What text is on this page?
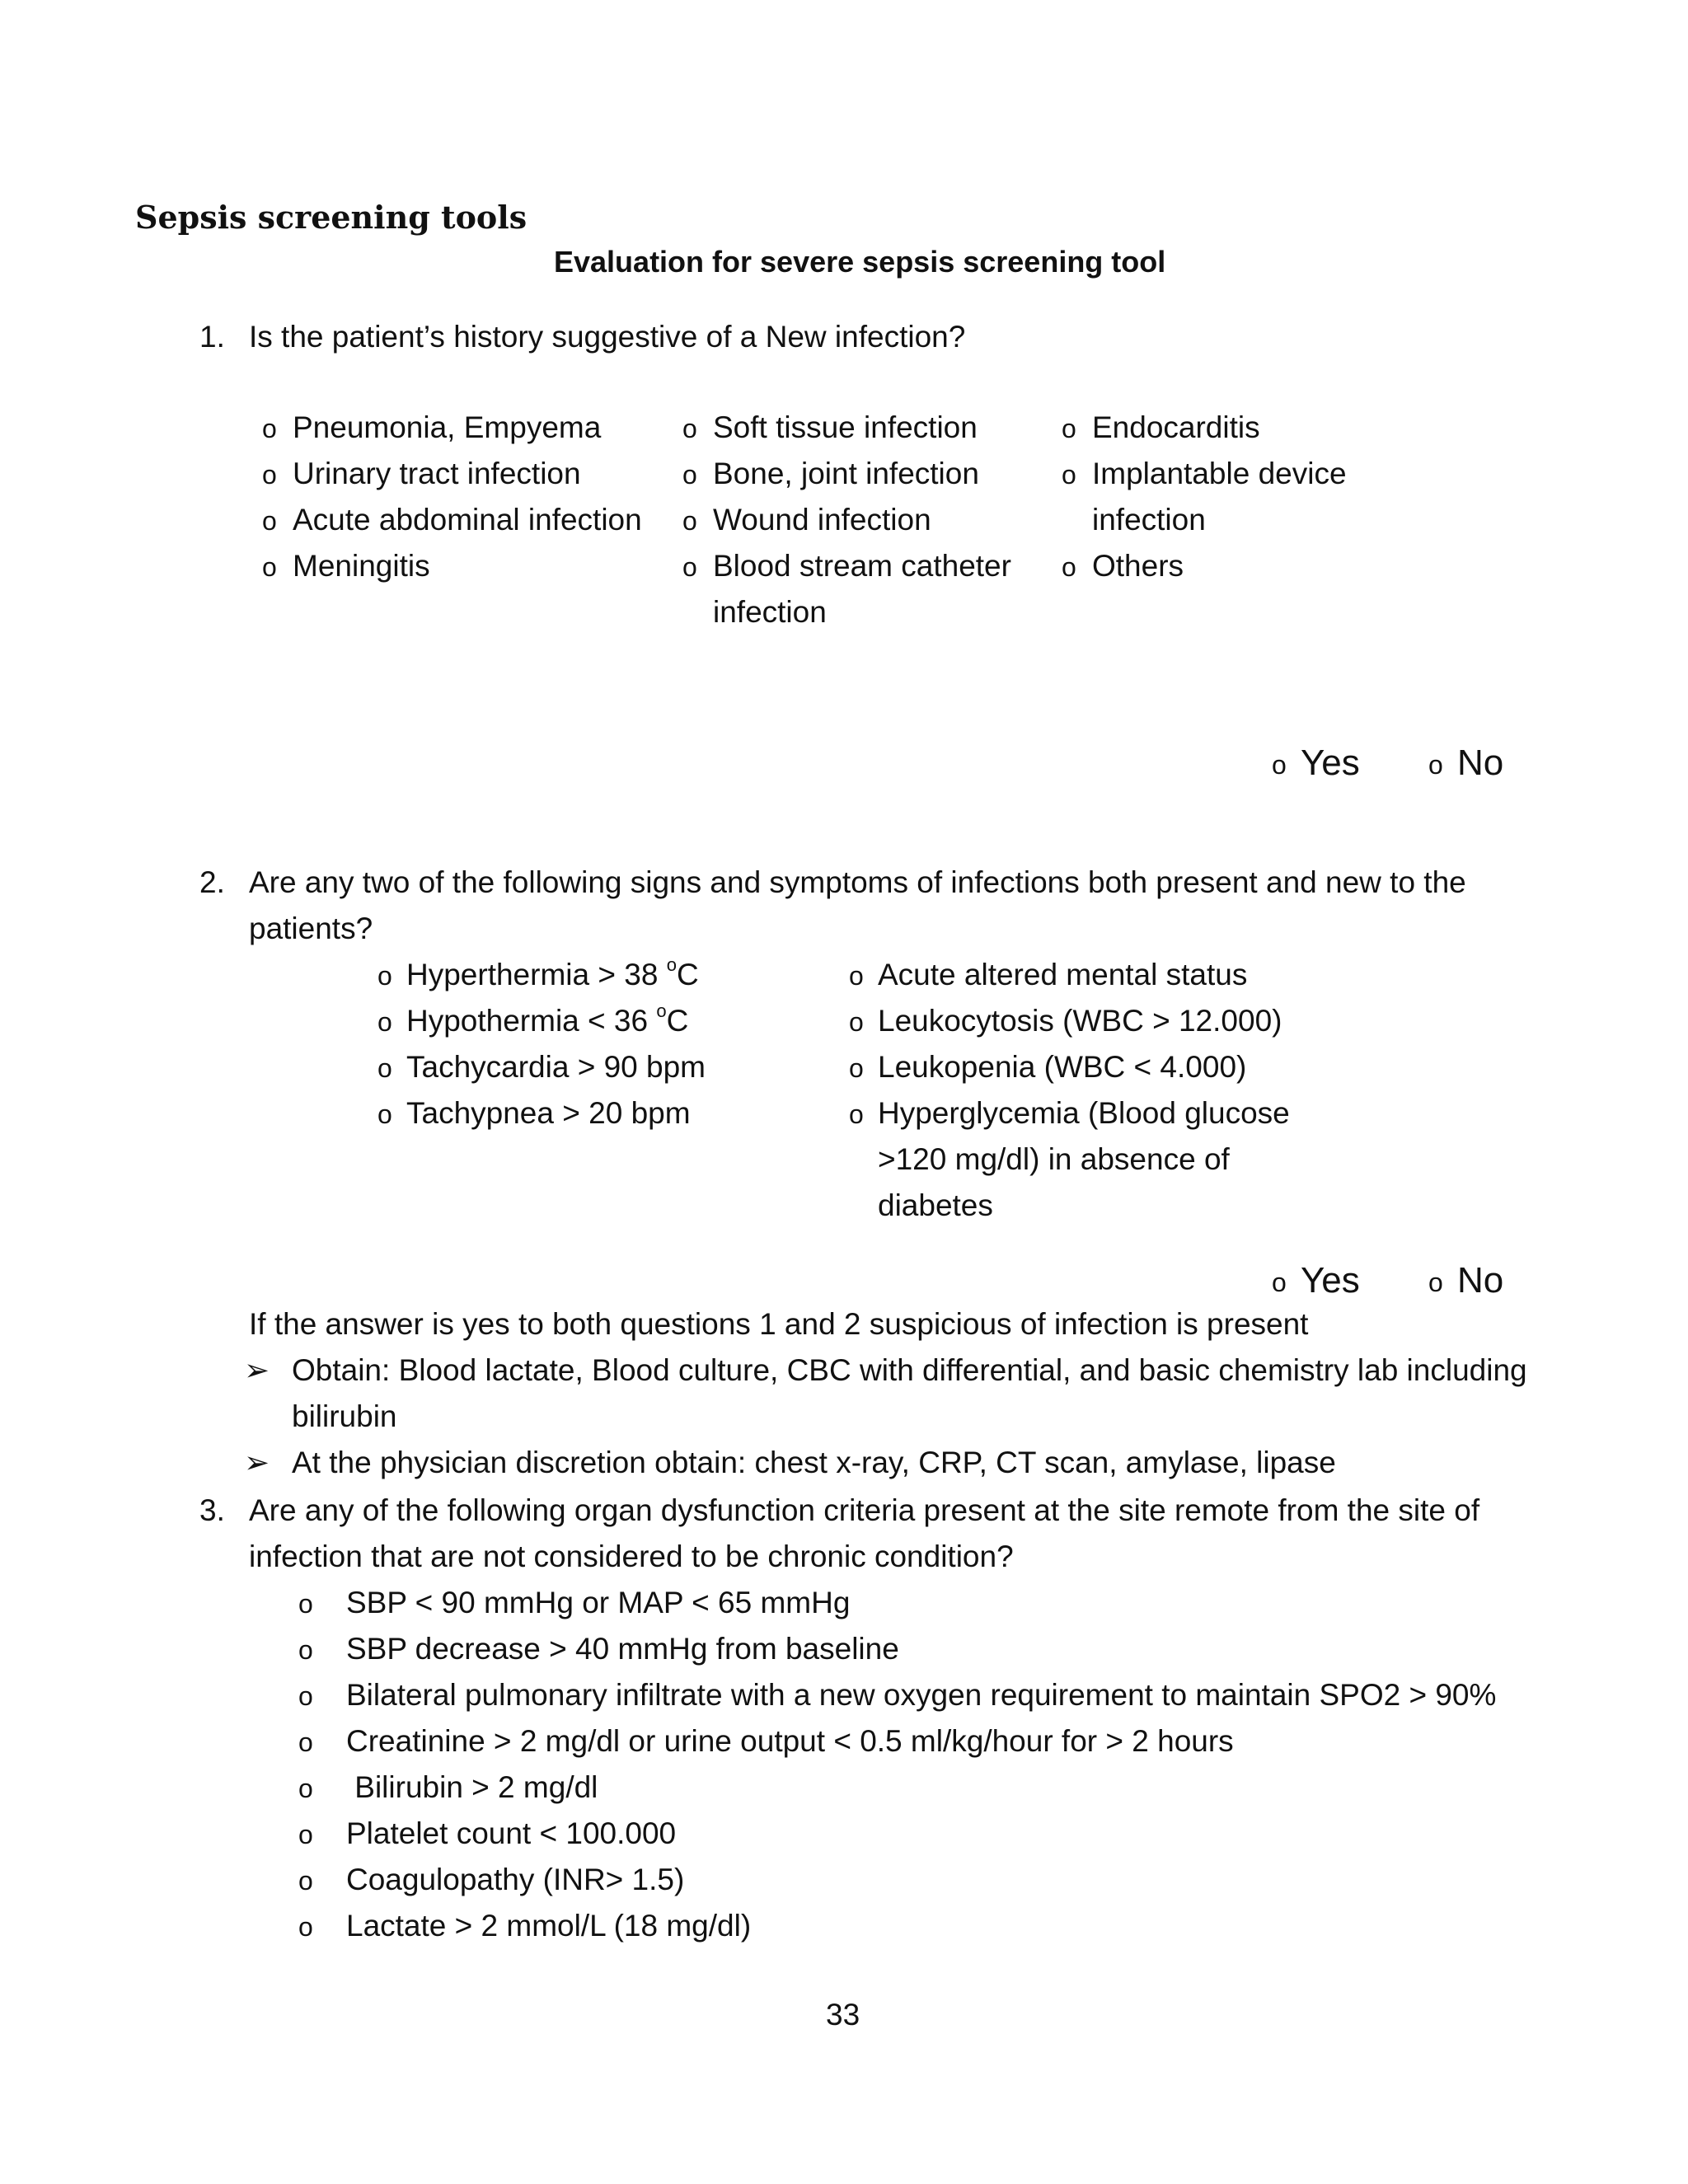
Sepsis screening tools
Evaluation for severe sepsis screening tool
1. Is the patient’s history suggestive of a New infection?
o Pneumonia, Empyema
o Urinary tract infection
o Acute abdominal infection
o Meningitis
o Soft tissue infection
o Bone, joint infection
o Wound infection
o Blood stream catheter
infection
o Endocarditis
o Implantable device
infection
o Others
o Yes	o No
2. Are any two of the following signs and symptoms of infections both present and new to the
patients?
o Hyperthermia > 38 $^o$C
o Hypothermia < 36 $^o$C
o Tachycardia > 90 bpm
o Tachypnea > 20 bpm
o Acute altered mental status
o Leukocytosis (WBC > 12.000)
o Leukopenia (WBC < 4.000)
o Hyperglycemia (Blood glucose
>120 mg/dl) in absence of
diabetes
o Yes	o No
If the answer is yes to both questions 1 and 2 suspicious of infection is present
➢ Obtain: Blood lactate, Blood culture, CBC with differential, and basic chemistry lab including
bilirubin
➢ At the physician discretion obtain: chest x-ray, CRP, CT scan, amylase, lipase
3. Are any of the following organ dysfunction criteria present at the site remote from the site of
infection that are not considered to be chronic condition?
o SBP < 90 mmHg or MAP < 65 mmHg
o SBP decrease > 40 mmHg from baseline
o Bilateral pulmonary infiltrate with a new oxygen requirement to maintain SPO2 > 90%
o Creatinine > 2 mg/dl or urine output < 0.5 ml/kg/hour for > 2 hours
o Bilirubin > 2 mg/dl
o Platelet count < 100.000
o Coagulopathy (INR> 1.5)
o Lactate > 2 mmol/L (18 mg/dl)
33
